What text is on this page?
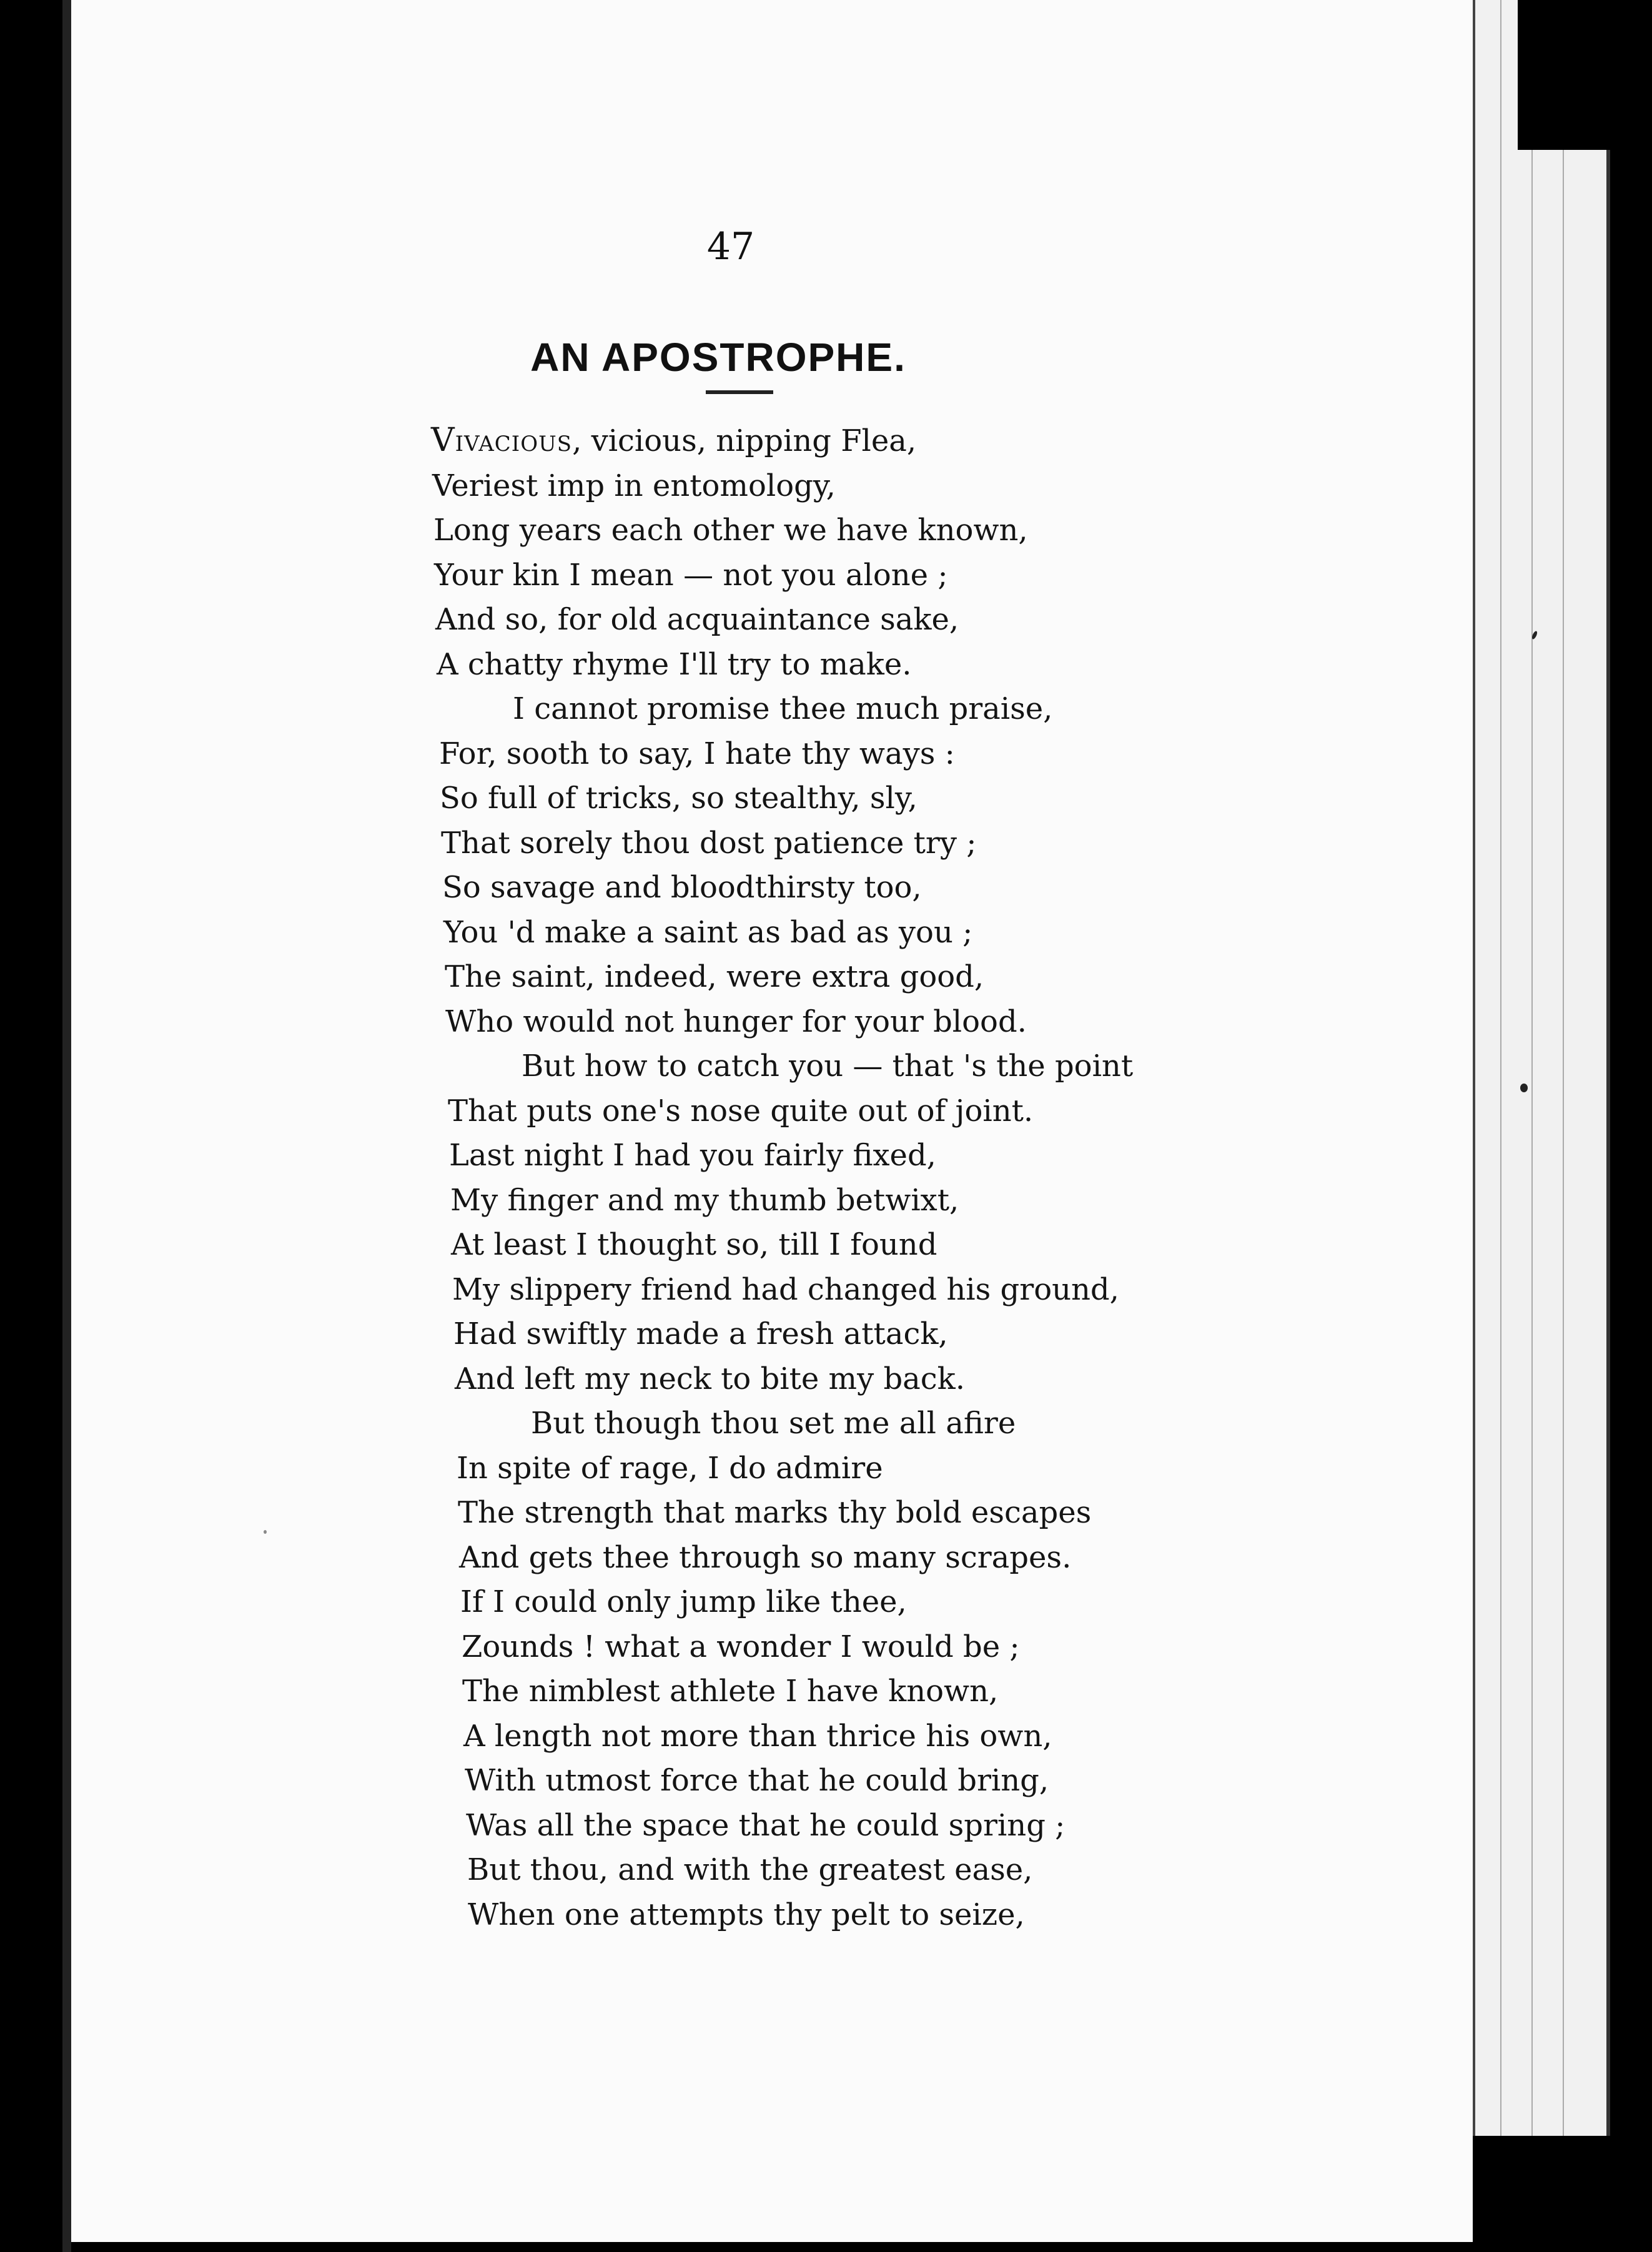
47
AN APOSTROPHE.
Vivacious, vicious, nipping Flea,
Veriest imp in entomology,
Long years each other we have known,
Your kin I mean — not you alone ;
And so, for old acquaintance sake,
A chatty rhyme I'll try to make.
I cannot promise thee much praise,
For, sooth to say, I hate thy ways :
So full of tricks, so stealthy, sly,
That sorely thou dost patience try ;
So savage and bloodthirsty too,
You 'd make a saint as bad as you ;
The saint, indeed, were extra good,
Who would not hunger for your blood.
But how to catch you — that 's the point
That puts one's nose quite out of joint.
Last night I had you fairly fixed,
My finger and my thumb betwixt,
At least I thought so, till I found
My slippery friend had changed his ground,
Had swiftly made a fresh attack,
And left my neck to bite my back.
But though thou set me all afire
In spite of rage, I do admire
The strength that marks thy bold escapes
And gets thee through so many scrapes.
If I could only jump like thee,
Zounds ! what a wonder I would be ;
The nimblest athlete I have known,
A length not more than thrice his own,
With utmost force that he could bring,
Was all the space that he could spring ;
But thou, and with the greatest ease,
When one attempts thy pelt to seize,
